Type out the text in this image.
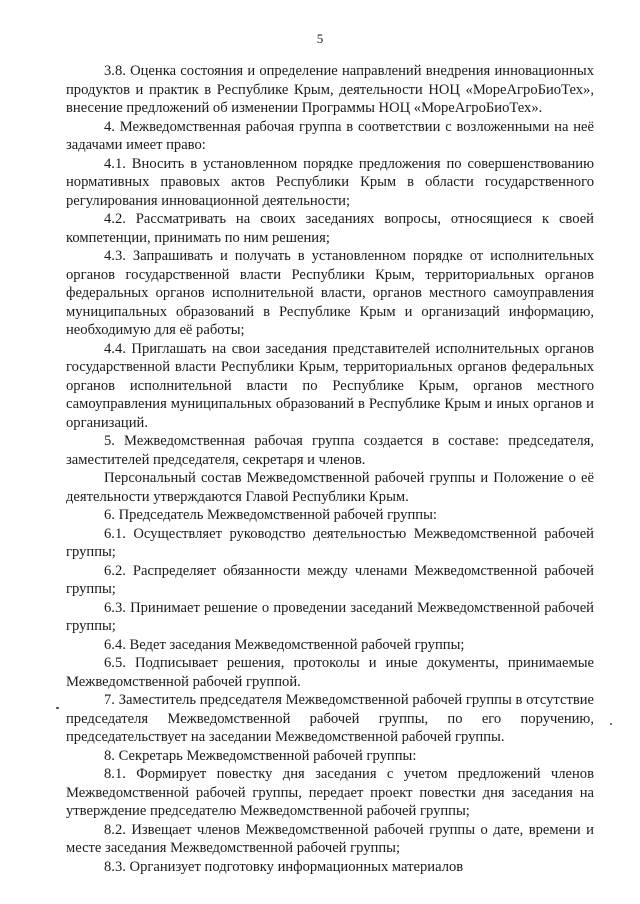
5

3.8. Оценка состояния и определение направлений внедрения инновационных продуктов и практик в Республике Крым, деятельности НОЦ «МореАгроБиоТех», внесение предложений об изменении Программы НОЦ «МореАгроБиоТех».

4. Межведомственная рабочая группа в соответствии с возложенными на неё задачами имеет право:

4.1. Вносить в установленном порядке предложения по совершенствованию нормативных правовых актов Республики Крым в области государственного регулирования инновационной деятельности;

4.2. Рассматривать на своих заседаниях вопросы, относящиеся к своей компетенции, принимать по ним решения;

4.3. Запрашивать и получать в установленном порядке от исполнительных органов государственной власти Республики Крым, территориальных органов федеральных органов исполнительной власти, органов местного самоуправления муниципальных образований в Республике Крым и организаций информацию, необходимую для её работы;

4.4. Приглашать на свои заседания представителей исполнительных органов государственной власти Республики Крым, территориальных органов федеральных органов исполнительной власти по Республике Крым, органов местного самоуправления муниципальных образований в Республике Крым и иных органов и организаций.

5. Межведомственная рабочая группа создается в составе: председателя, заместителей председателя, секретаря и членов.

Персональный состав Межведомственной рабочей группы и Положение о её деятельности утверждаются Главой Республики Крым.

6. Председатель Межведомственной рабочей группы:

6.1. Осуществляет руководство деятельностью Межведомственной рабочей группы;

6.2. Распределяет обязанности между членами Межведомственной рабочей группы;

6.3. Принимает решение о проведении заседаний Межведомственной рабочей группы;

6.4. Ведет заседания Межведомственной рабочей группы;

6.5. Подписывает решения, протоколы и иные документы, принимаемые Межведомственной рабочей группой.

7. Заместитель председателя Межведомственной рабочей группы в отсутствие председателя Межведомственной рабочей группы, по его поручению, председательствует на заседании Межведомственной рабочей группы.

8. Секретарь Межведомственной рабочей группы:

8.1. Формирует повестку дня заседания с учетом предложений членов Межведомственной рабочей группы, передает проект повестки дня заседания на утверждение председателю Межведомственной рабочей группы;

8.2. Извещает членов Межведомственной рабочей группы о дате, времени и месте заседания Межведомственной рабочей группы;

8.3. Организует подготовку информационных материалов
